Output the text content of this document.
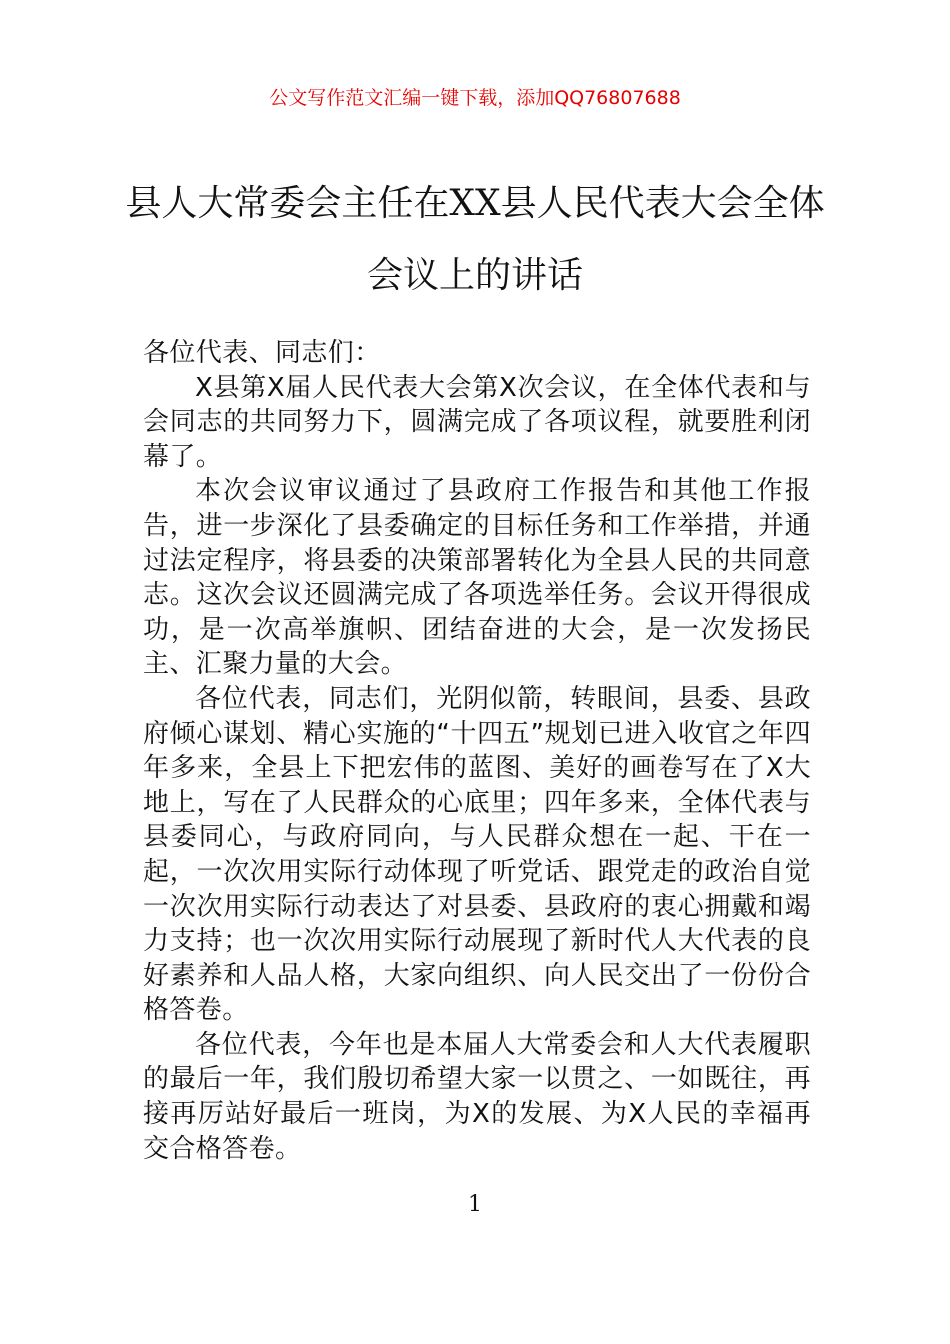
公文写作范文汇编一键下载，添加QQ76807688
县人大常委会主任在XX县人民代表大会全体会议上的讲话

各位代表、同志们：

X县第X届人民代表大会第X次会议，在全体代表和与会同志的共同努力下，圆满完成了各项议程，就要胜利闭幕了。

本次会议审议通过了县政府工作报告和其他工作报告，进一步深化了县委确定的目标任务和工作举措，并通过法定程序，将县委的决策部署转化为全县人民的共同意志。这次会议还圆满完成了各项选举任务。会议开得很成功，是一次高举旗帜、团结奋进的大会，是一次发扬民主、汇聚力量的大会。

各位代表，同志们，光阴似箭，转眼间，县委、县政府倾心谋划、精心实施的“十四五”规划已进入收官之年四年多来，全县上下把宏伟的蓝图、美好的画卷写在了X大地上，写在了人民群众的心底里；四年多来，全体代表与县委同心，与政府同向，与人民群众想在一起、干在一起，一次次用实际行动体现了听党话、跟党走的政治自觉一次次用实际行动表达了对县委、县政府的衷心拥戴和竭力支持；也一次次用实际行动展现了新时代人大代表的良好素养和人品人格，大家向组织、向人民交出了一份份合格答卷。

各位代表，今年也是本届人大常委会和人大代表履职的最后一年，我们殷切希望大家一以贯之、一如既往，再接再厉站好最后一班岗，为X的发展、为X人民的幸福再交合格答卷。

1
